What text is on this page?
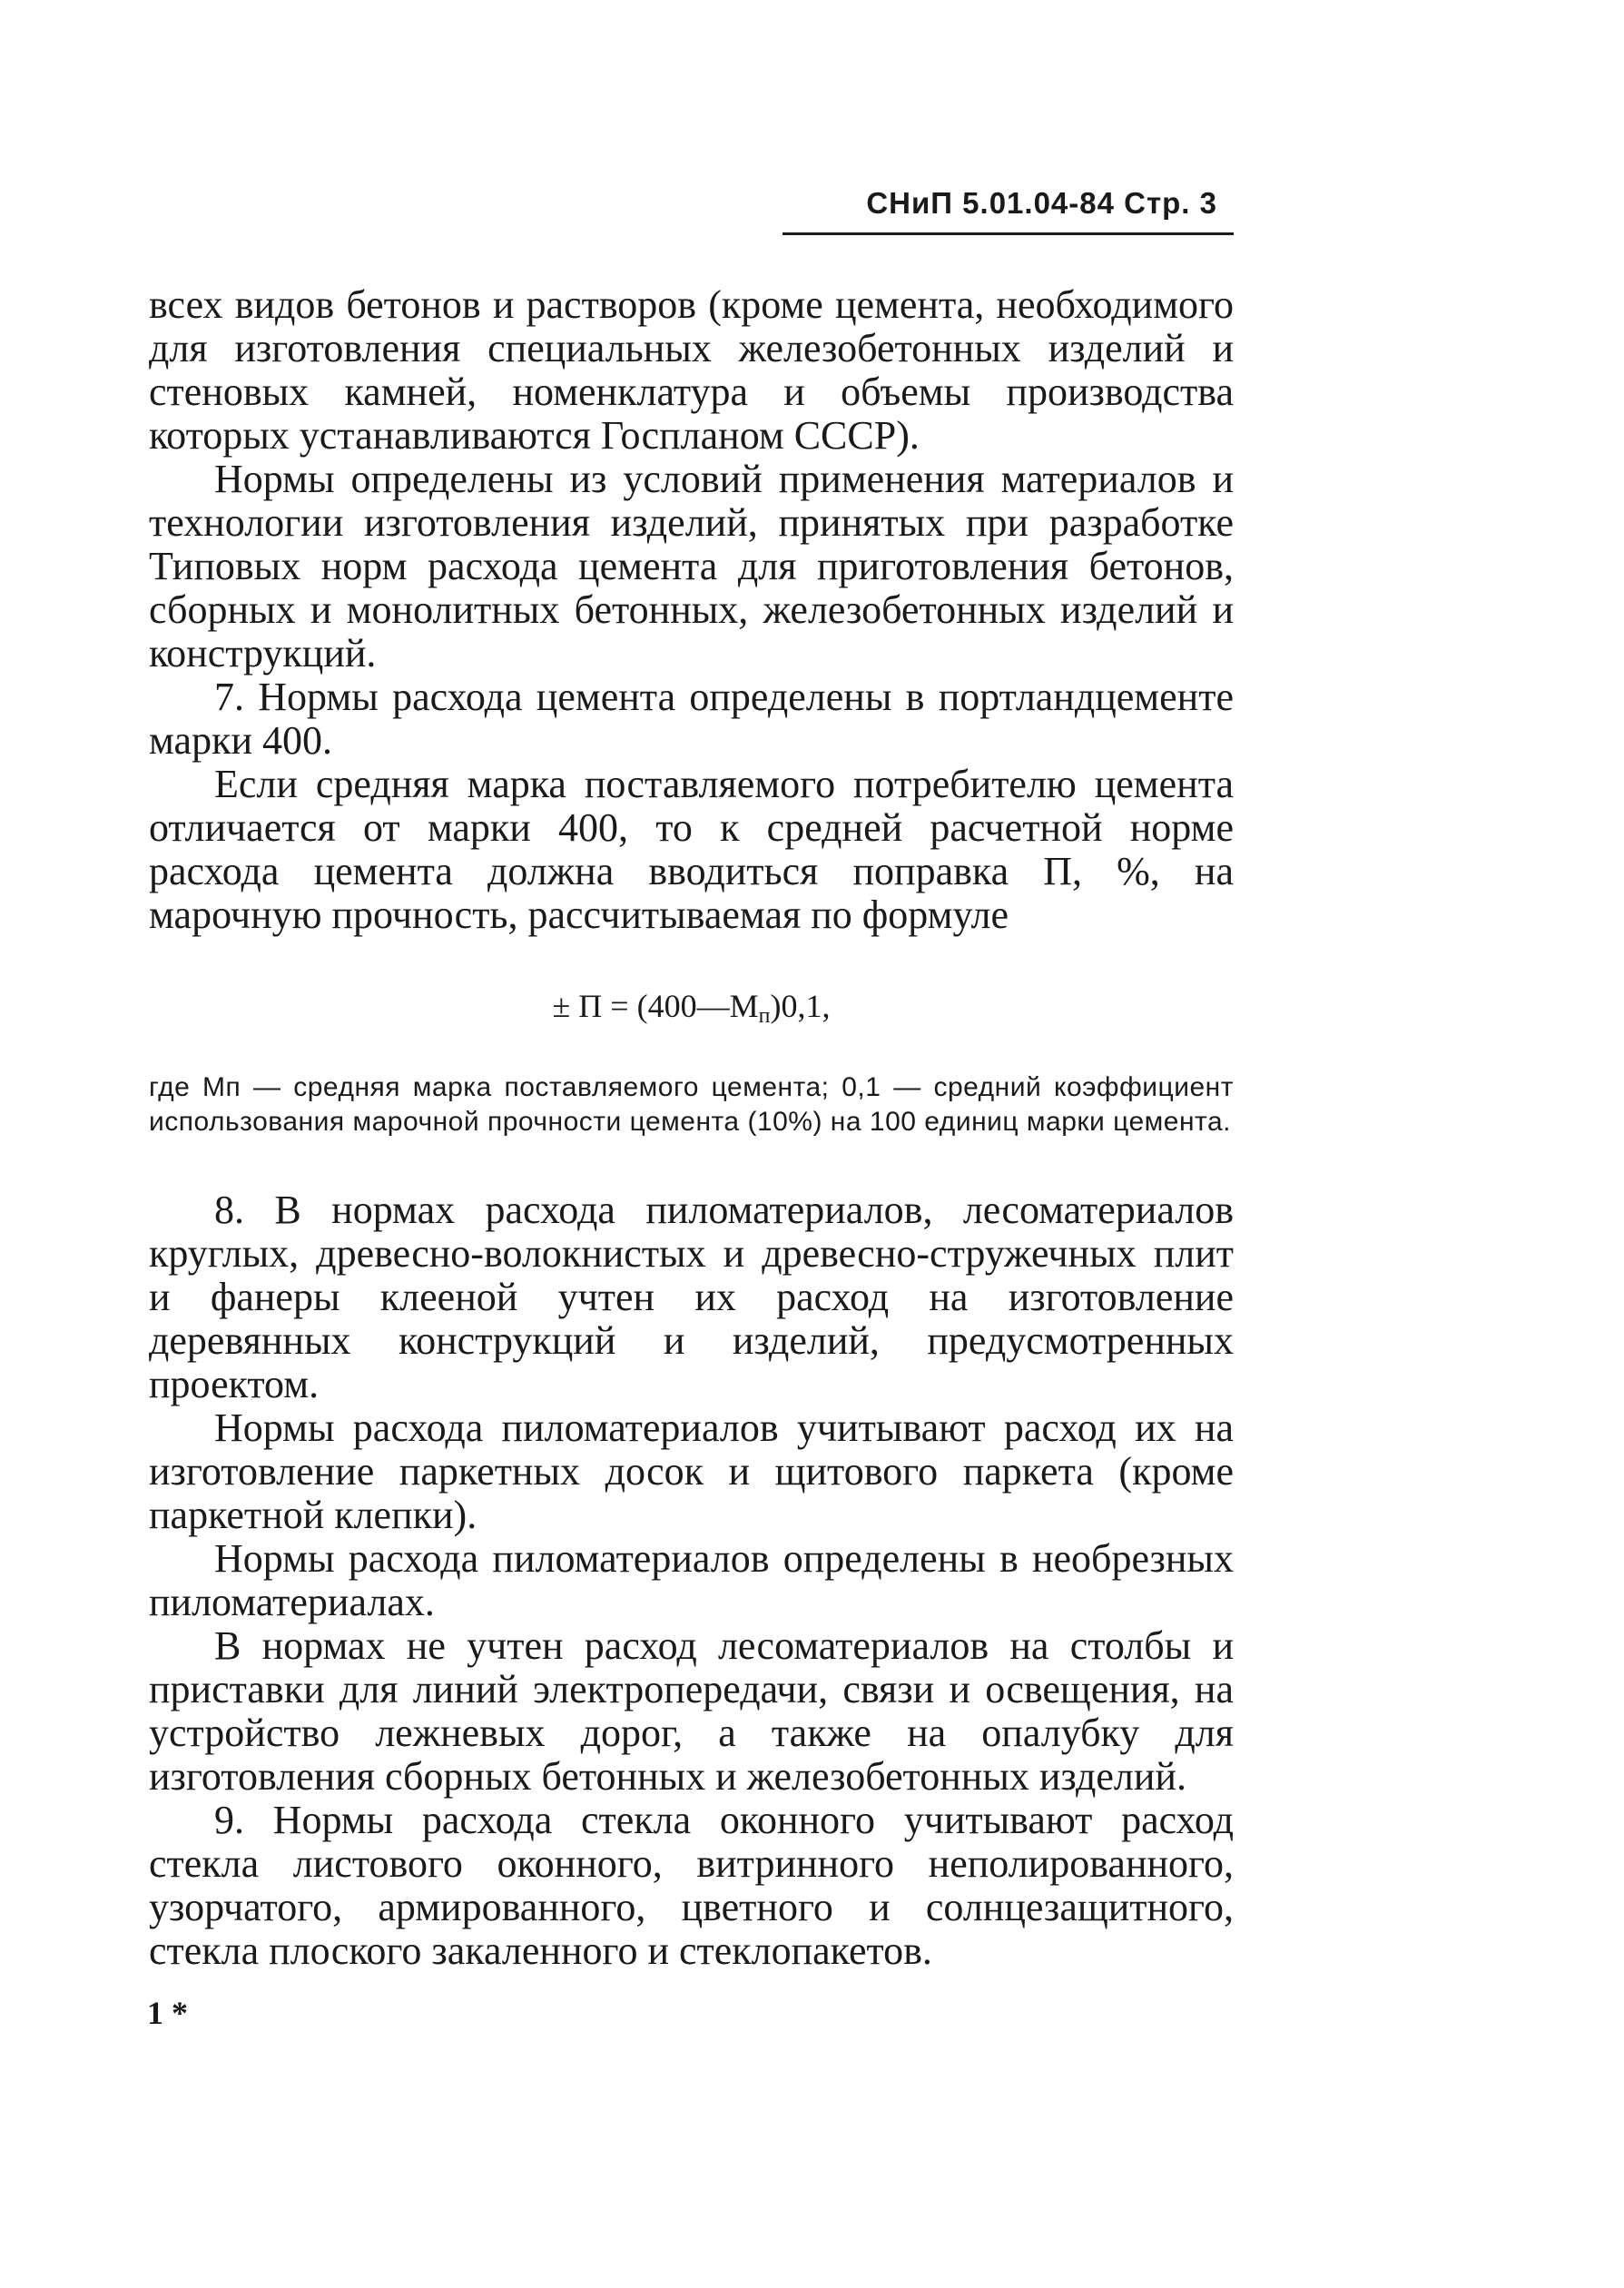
СНиП 5.01.04-84 Стр. 3

всех видов бетонов и растворов (кроме цемента, необходимого для изготовления специальных железобетонных изделий и стеновых камней, номенклатура и объемы производства которых устанавливаются Госпланом СССР).

Нормы определены из условий применения материалов и технологии изготовления изделий, принятых при разработке Типовых норм расхода цемента для приготовления бетонов, сборных и монолитных бетонных, железобетонных изделий и конструкций.

7. Нормы расхода цемента определены в портландцементе марки 400.

Если средняя марка поставляемого потребителю цемента отличается от марки 400, то к средней расчетной норме расхода цемента должна вводиться поправка П, %, на марочную прочность, рассчитываемая по формуле

± П = (400—Мп)0,1,

где Мп — средняя марка поставляемого цемента; 0,1 — средний коэффициент использования марочной прочности цемента (10%) на 100 единиц марки цемента.

8. В нормах расхода пиломатериалов, лесоматериалов круглых, древесно-волокнистых и древесно-стружечных плит и фанеры клееной учтен их расход на изготовление деревянных конструкций и изделий, предусмотренных проектом.

Нормы расхода пиломатериалов учитывают расход их на изготовление паркетных досок и щитового паркета (кроме паркетной клепки).

Нормы расхода пиломатериалов определены в необрезных пиломатериалах.

В нормах не учтен расход лесоматериалов на столбы и приставки для линий электропередачи, связи и освещения, на устройство лежневых дорог, а также на опалубку для изготовления сборных бетонных и железобетонных изделий.

9. Нормы расхода стекла оконного учитывают расход стекла листового оконного, витринного неполированного, узорчатого, армированного, цветного и солнцезащитного, стекла плоского закаленного и стеклопакетов.

1 *
